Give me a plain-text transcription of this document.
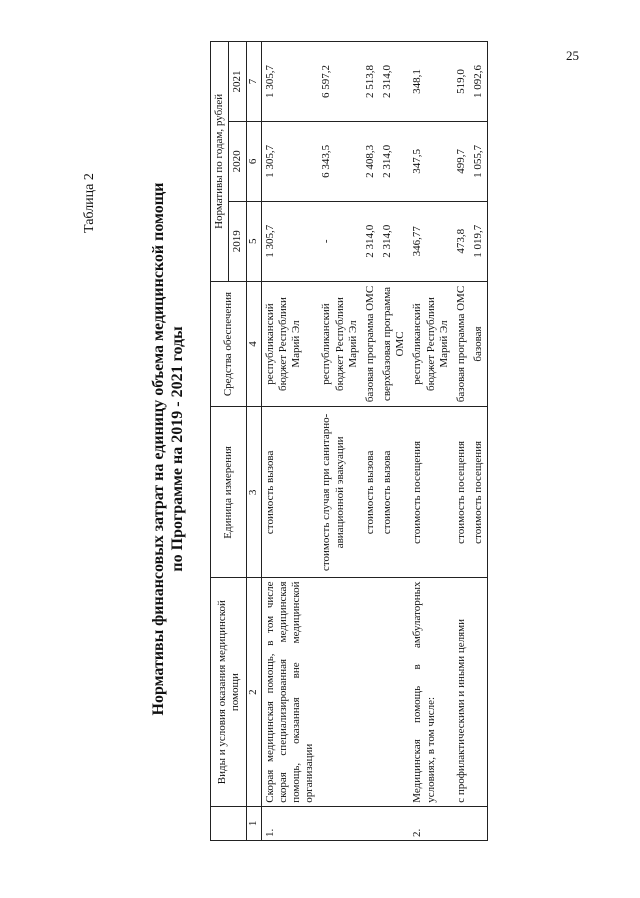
25
Таблица 2	Нормативы финансовых затрат на единицу объема медицинской помощи по Программе на 2019 - 2021 годы
	Виды и условия оказания медицинской помощи	Единица измерения	Средства обеспечения	Нормативы по годам, рублей		
				2019	2020	2021
1	2	3	4	5	6	7
1.	Скорая медицинская помощь, в том числе скорая специализированная медицинская помощь, оказанная вне медицинской организации	стоимость вызова	республиканский бюджет Республики Марий Эл	1 305,7	1 305,7	1 305,7
		стоимость случая при санитарно-авиационной эвакуации	республиканский бюджет Республики Марий Эл	-	6 343,5	6 597,2
		стоимость вызова	базовая программа ОМС	2 314,0	2 408,3	2 513,8
		стоимость вызова	сверхбазовая программа ОМС	2 314,0	2 314,0	2 314,0
2.	Медицинская помощь в амбулаторных условиях, в том числе:	стоимость посещения	республиканский бюджет Республики Марий Эл	346,77	347,5	348,1
	с профилактическими и иными целями	стоимость посещения	базовая программа ОМС	473,8	499,7	519,0
		стоимость посещения	базовая	1 019,7	1 055,7	1 092,6
